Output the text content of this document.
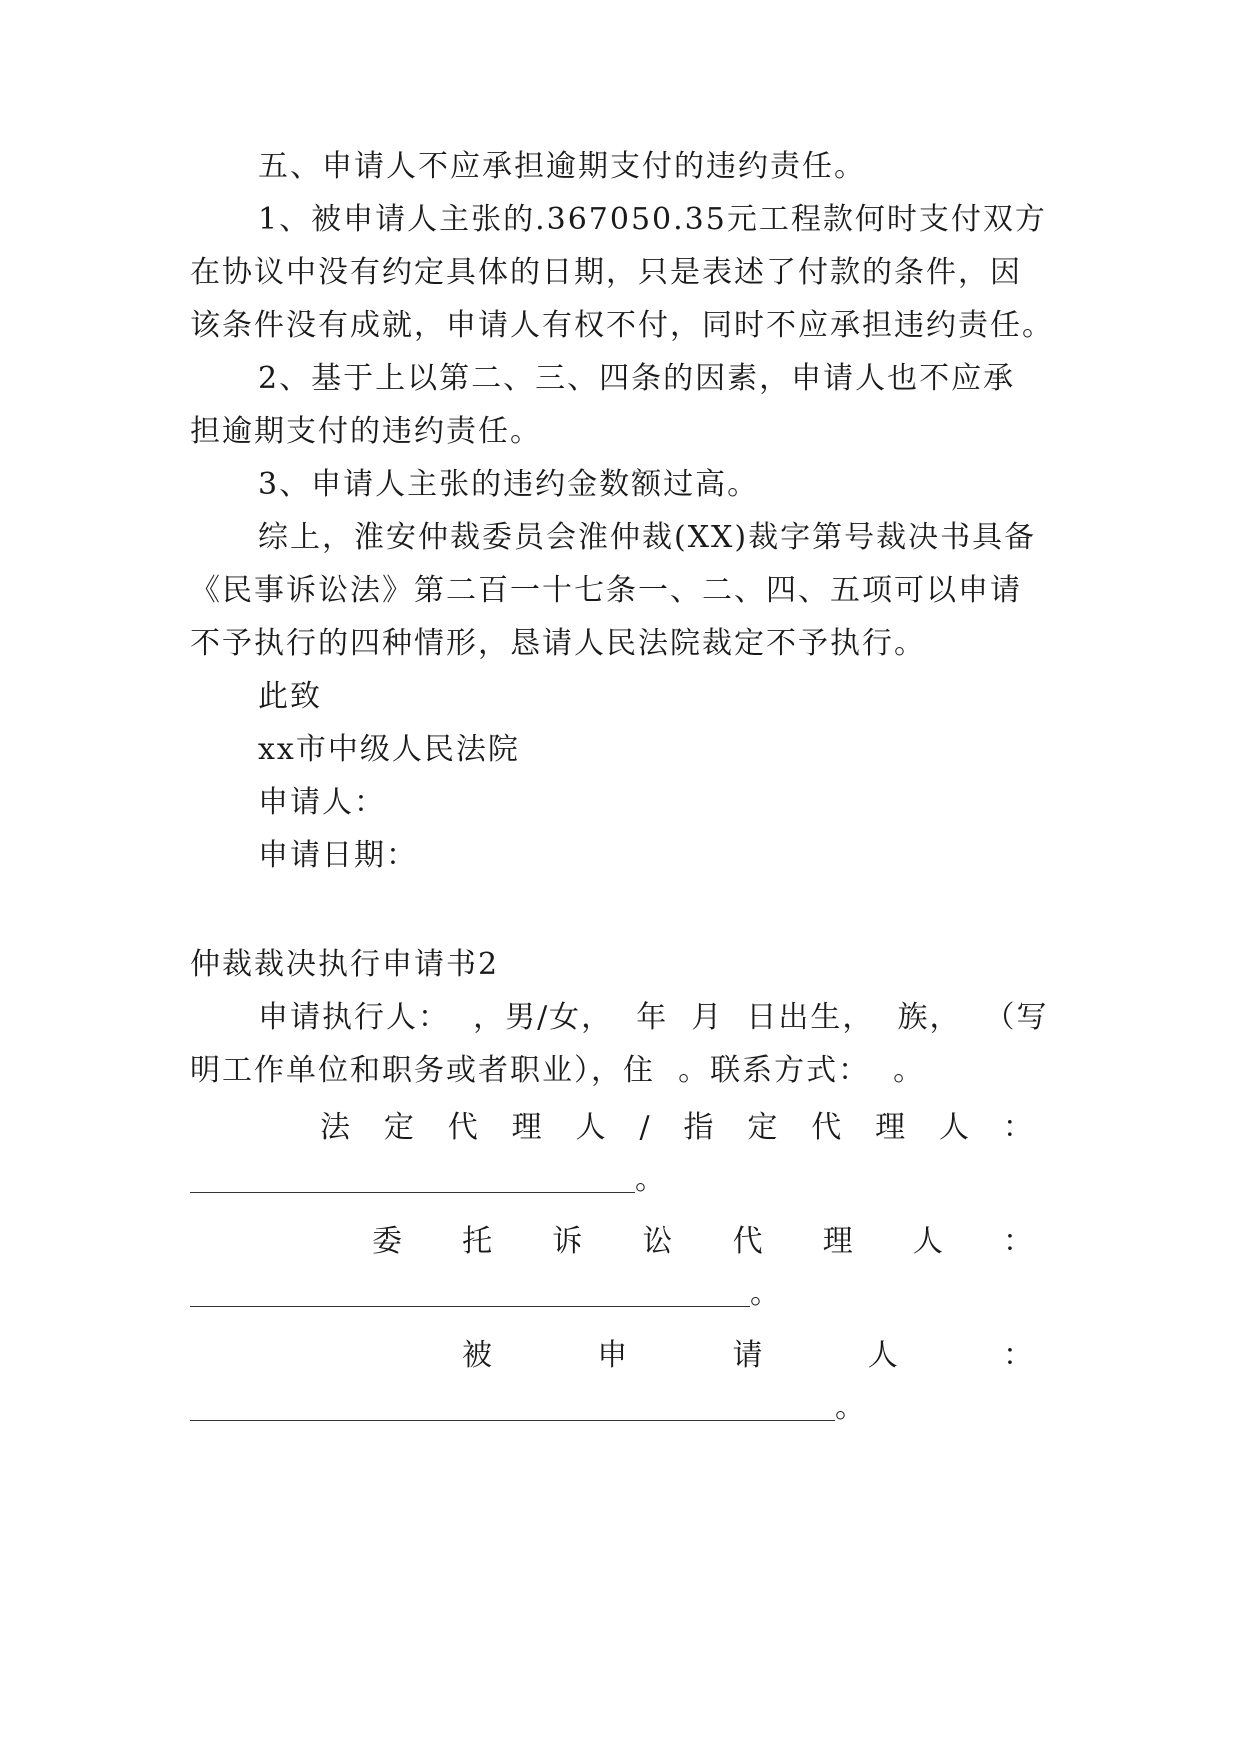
五、申请人不应承担逾期支付的违约责任。
1、被申请人主张的.367050.35元工程款何时支付双方
在协议中没有约定具体的日期，只是表述了付款的条件，因
该条件没有成就，申请人有权不付，同时不应承担违约责任。
2、基于上以第二、三、四条的因素，申请人也不应承
担逾期支付的违约责任。
3、申请人主张的违约金数额过高。
综上，淮安仲裁委员会淮仲裁(XX)裁字第号裁决书具备
《民事诉讼法》第二百一十七条一、二、四、五项可以申请
不予执行的四种情形，恳请人民法院裁定不予执行。
此致
xx市中级人民法院
申请人：
申请日期：
仲裁裁决执行申请书2
申请执行人：  ，男/女，  年  月  日出生，  族，  （写
明工作单位和职务或者职业），住  。联系方式：  。
法 定 代 理 人 / 指 定 代 理 人 ：
。
委 托 诉 讼 代 理 人 ：
。
被	申	请	人	：
。
